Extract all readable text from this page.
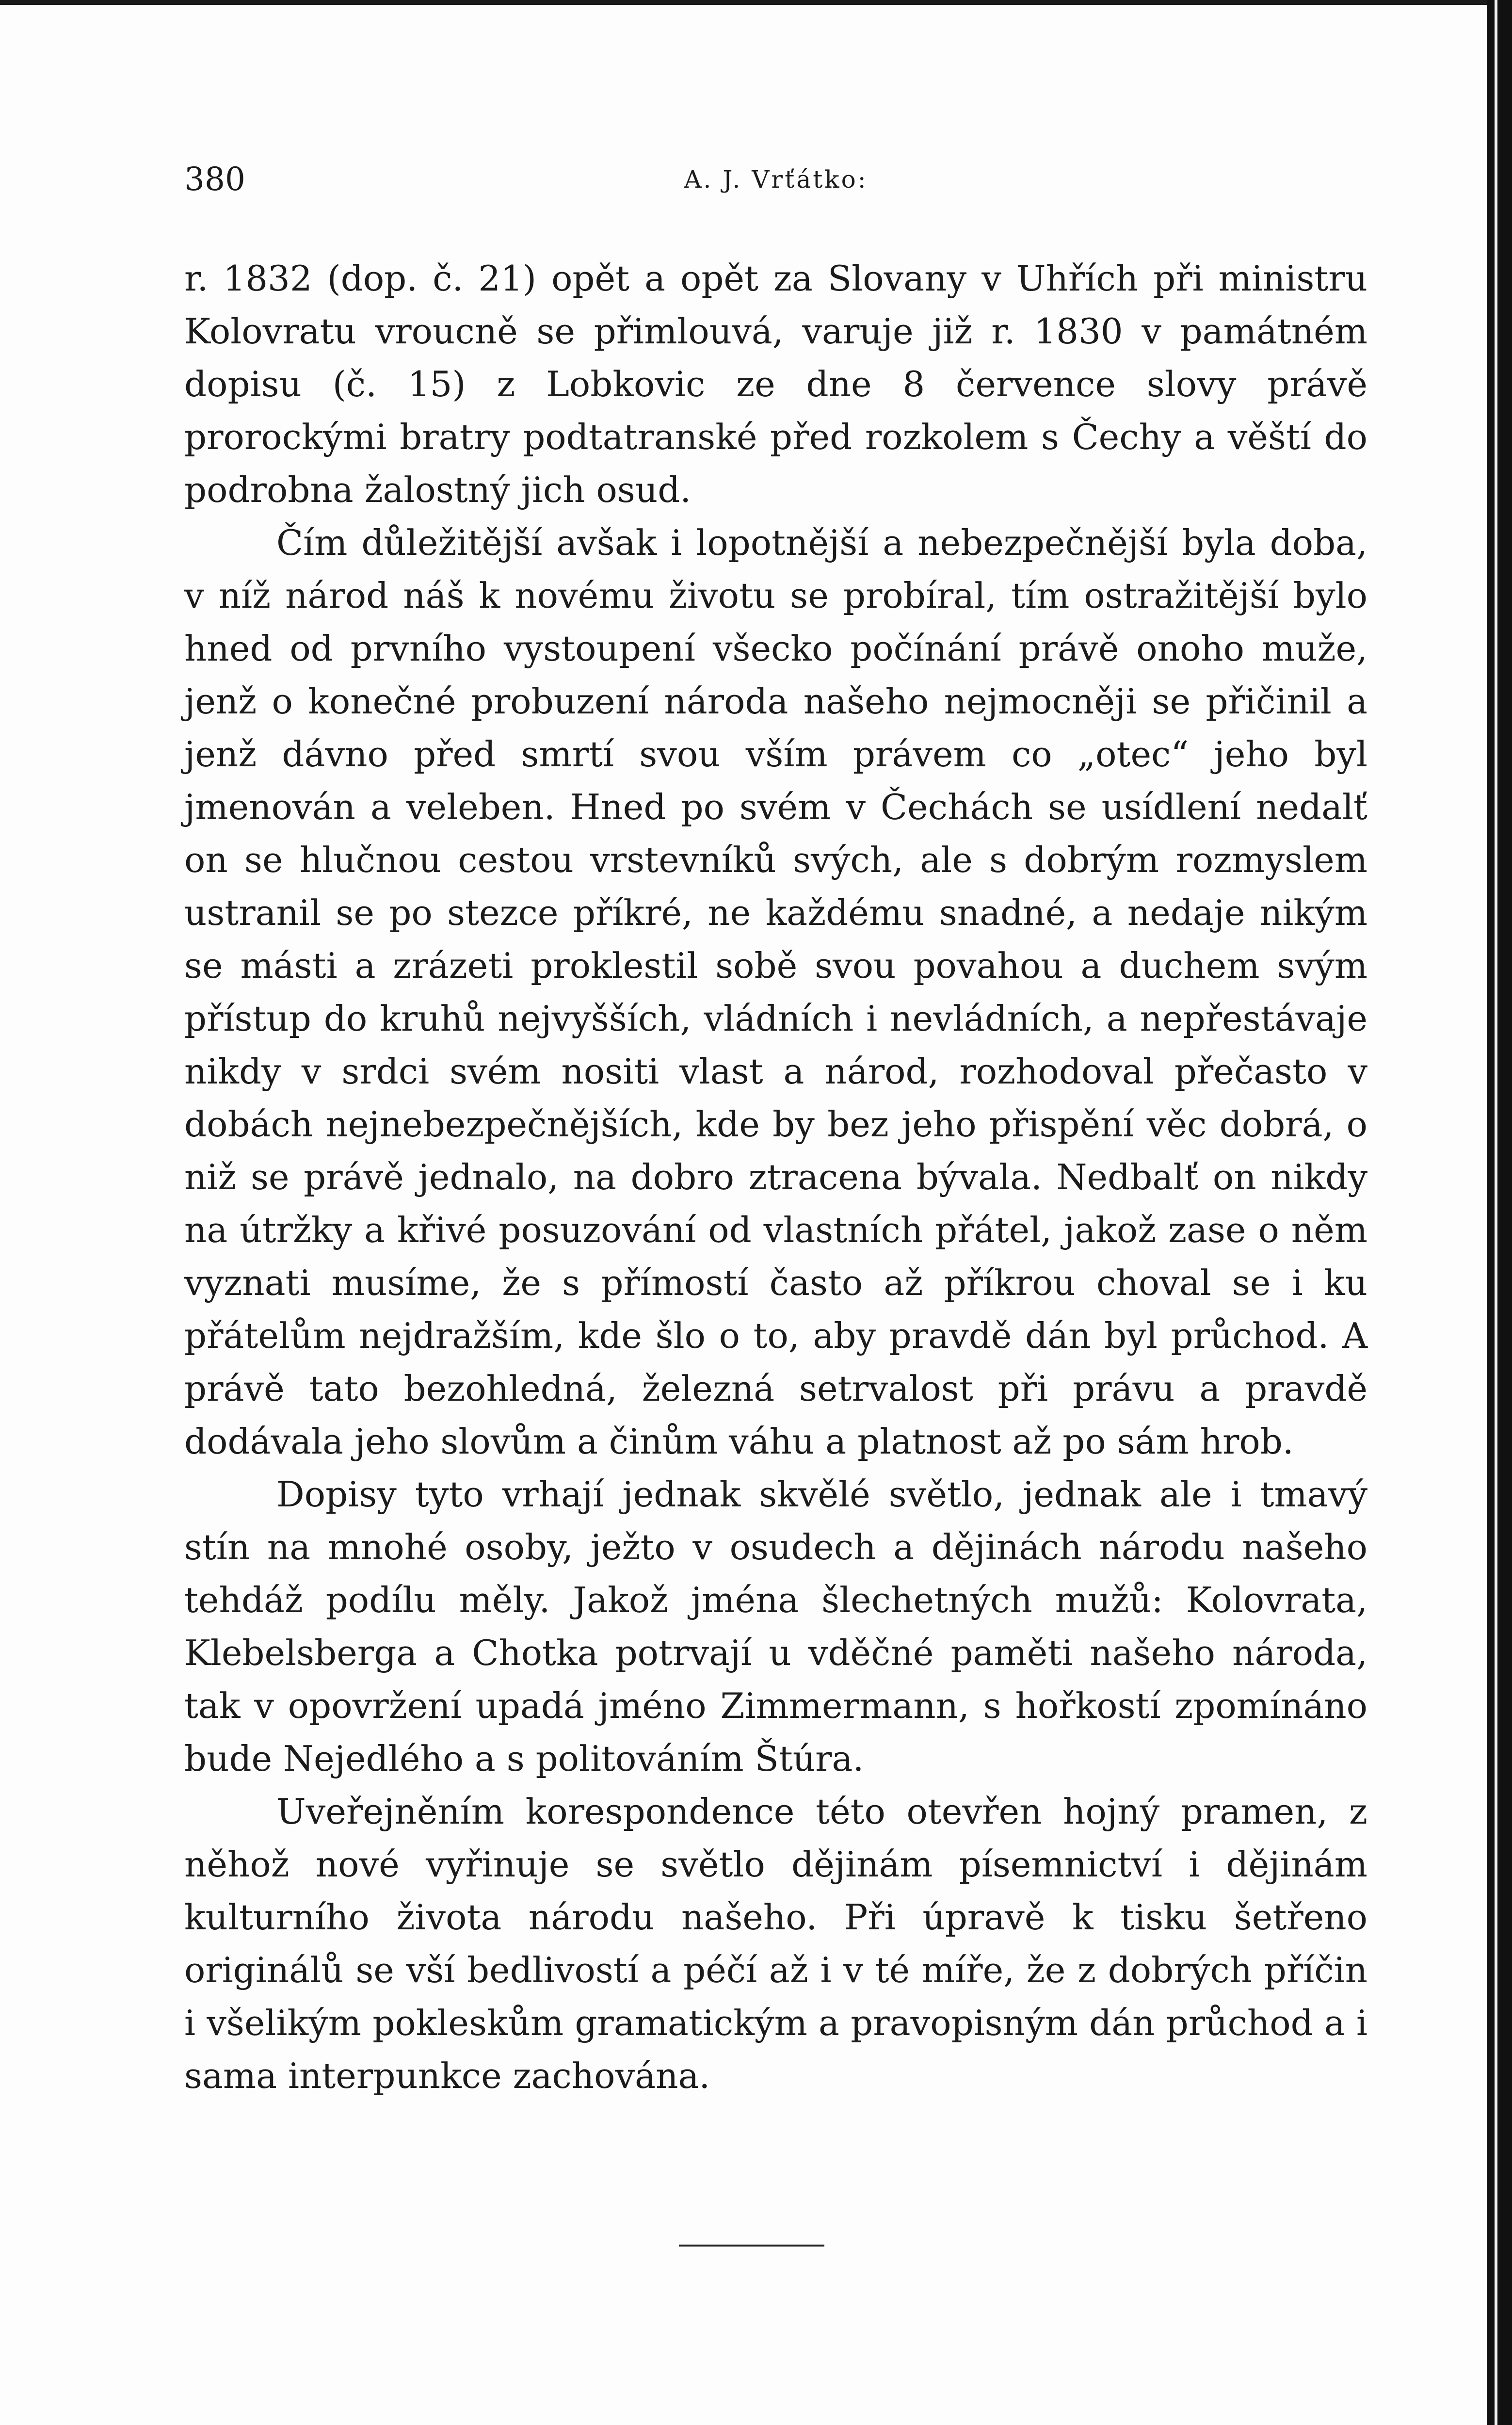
380	A. J. Vrťátko:

r. 1832 (dop. č. 21) opět a opět za Slovany v Uhřích při ministru Kolovratu vroucně se přimlouvá, varuje již r. 1830 v památném dopisu (č. 15) z Lobkovic ze dne 8 července slovy právě prorockými bratry podtatranské před rozkolem s Čechy a věští do podrobna žalostný jich osud.

Čím důležitější avšak i lopotnější a nebezpečnější byla doba, v níž národ náš k novému životu se probíral, tím ostražitější bylo hned od prvního vystoupení všecko počínání právě onoho muže, jenž o konečné probuzení národa našeho nejmocněji se přičinil a jenž dávno před smrtí svou vším právem co „otec“ jeho byl jmenován a veleben. Hned po svém v Čechách se usídlení nedalť on se hlučnou cestou vrstevníků svých, ale s dobrým rozmyslem ustranil se po stezce příkré, ne každému snadné, a nedaje nikým se másti a zrázeti proklestil sobě svou povahou a duchem svým přístup do kruhů nejvyšších, vládních i nevládních, a nepřestávaje nikdy v srdci svém nositi vlast a národ, rozhodoval přečasto v dobách nejnebezpečnějších, kde by bez jeho přispění věc dobrá, o niž se právě jednalo, na dobro ztracena bývala. Nedbalť on nikdy na útržky a křivé posuzování od vlastních přátel, jakož zase o něm vyznati musíme, že s přímostí často až příkrou choval se i ku přátelům nejdražším, kde šlo o to, aby pravdě dán byl průchod. A právě tato bezohledná, železná setrvalost při právu a pravdě dodávala jeho slovům a činům váhu a platnost až po sám hrob.

Dopisy tyto vrhají jednak skvělé světlo, jednak ale i tmavý stín na mnohé osoby, ježto v osudech a dějinách národu našeho tehdáž podílu měly. Jakož jména šlechetných mužů: Kolovrata, Klebelsberga a Chotka potrvají u vděčné paměti našeho národa, tak v opovržení upadá jméno Zimmermann, s hořkostí zpomínáno bude Nejedlého a s politováním Štúra.

Uveřejněním korespondence této otevřen hojný pramen, z něhož nové vyřinuje se světlo dějinám písemnictví i dějinám kulturního života národu našeho. Při úpravě k tisku šetřeno originálů se vší bedlivostí a péčí až i v té míře, že z dobrých příčin i všelikým pokleskům gramatickým a pravopisným dán průchod a i sama interpunkce zachována.
